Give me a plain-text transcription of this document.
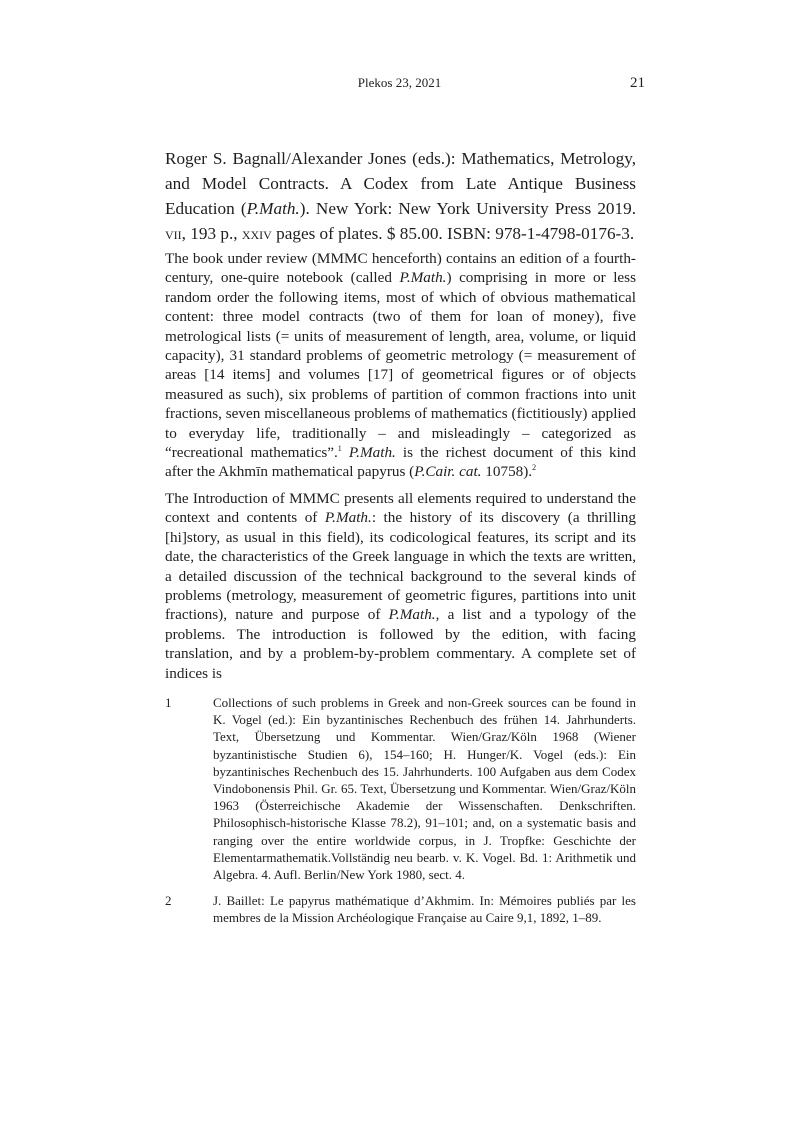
Plekos 23, 2021	21
Roger S. Bagnall/Alexander Jones (eds.): Mathematics, Metrology, and Model Contracts. A Codex from Late Antique Business Education (P.Math.). New York: New York University Press 2019. vii, 193 p., xxiv pages of plates. $ 85.00. ISBN: 978-1-4798-0176-3.

The book under review (MMMC henceforth) contains an edition of a fourth-century, one-quire notebook (called P.Math.) comprising in more or less random order the following items, most of which of obvious mathematical content: three model contracts (two of them for loan of money), five metrological lists (= units of measurement of length, area, volume, or liquid capacity), 31 standard problems of geometric metrology (= measurement of areas [14 items] and volumes [17] of geometrical figures or of objects measured as such), six problems of partition of common fractions into unit fractions, seven miscellaneous problems of mathematics (fictitiously) applied to everyday life, traditionally – and misleadingly – categorized as “recreational mathematics”.$^1$ P.Math. is the richest document of this kind after the Akhmīn mathematical papyrus (P.Cair. cat. 10758).$^2$

The Introduction of MMMC presents all elements required to understand the context and contents of P.Math.: the history of its discovery (a thrilling [hi]story, as usual in this field), its codicological features, its script and its date, the characteristics of the Greek language in which the texts are written, a detailed discussion of the technical background to the several kinds of problems (metrology, measurement of geometric figures, partitions into unit fractions), nature and purpose of P.Math., a list and a typology of the problems. The introduction is followed by the edition, with facing translation, and by a problem-by-problem commentary. A complete set of indices is

1	Collections of such problems in Greek and non-Greek sources can be found in K. Vogel (ed.): Ein byzantinisches Rechenbuch des frühen 14. Jahrhunderts. Text, Übersetzung und Kommentar. Wien/Graz/Köln 1968 (Wiener byzantinistische Studien 6), 154–160; H. Hunger/K. Vogel (eds.): Ein byzantinisches Rechenbuch des 15. Jahrhunderts. 100 Aufgaben aus dem Codex Vindobonensis Phil. Gr. 65. Text, Übersetzung und Kommentar. Wien/Graz/Köln 1963 (Österreichische Akademie der Wissenschaften. Denkschriften. Philosophisch-historische Klasse 78.2), 91–101; and, on a systematic basis and ranging over the entire worldwide corpus, in J. Tropfke: Geschichte der Elementarmathematik.Vollständig neu bearb. v. K. Vogel. Bd. 1: Arithmetik und Algebra. 4. Aufl. Berlin/New York 1980, sect. 4.
2	J. Baillet: Le papyrus mathématique d’Akhmim. In: Mémoires publiés par les membres de la Mission Archéologique Française au Caire 9,1, 1892, 1–89.
